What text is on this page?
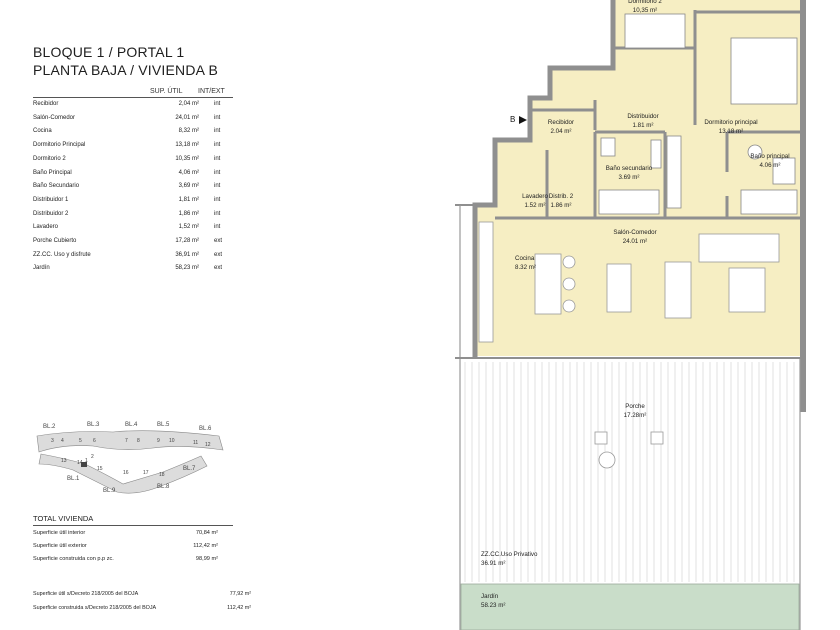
BLOQUE 1 / PORTAL 1
PLANTA BAJA / VIVIENDA B
SUP. ÚTIL INT/EXT
Recibidor	2,04 m²	int
Salón-Comedor	24,01 m²	int
Cocina	8,32 m²	int
Dormitorio Principal	13,18 m²	int
Dormitorio 2	10,35 m²	int
Baño Principal	4,06 m²	int
Baño Secundario	3,69 m²	int
Distribuidor 1	1,81 m²	int
Distribuidor 2	1,86 m²	int
Lavadero	1,52 m²	int
Porche Cubierto	17,28 m²	ext
ZZ.CC. Uso y disfrute	36,91 m²	ext
Jardín	58,23 m²	ext
BL.2	BL.3	BL.4	BL.5
BL.6
BL.1
BL.7
BL.8
BL.9
3 4	5 6	7 8	9 10	11 12
13 14
15
16	17 18
1
2
TOTAL VIVIENDA
Superficie útil interior	70,84 m²
Superficie útil exterior	112,42 m²
Superficie construida con p.p zc.	98,99 m²
Superficie útil s/Decreto 218/2005 del BOJA	77,92 m²
Superficie construida s/Decreto 218/2005 del BOJA	112,42 m²
B
Dormitorio 2
10,35 m²
Recibidor
2.04 m²
Distribuidor
1.81 m²	Dormitorio principal
13.18 m²
Baño secundario
3.69 m²
Baño principal
4.06 m²
Lavadero
1.52 m²
Distrib. 2
1.86 m²
Salón-Comedor
24.01 m²
Cocina
8.32 m²
Porche
17.28m²
ZZ.CC.Uso Privativo
36.91 m²
Jardín
58.23 m²
